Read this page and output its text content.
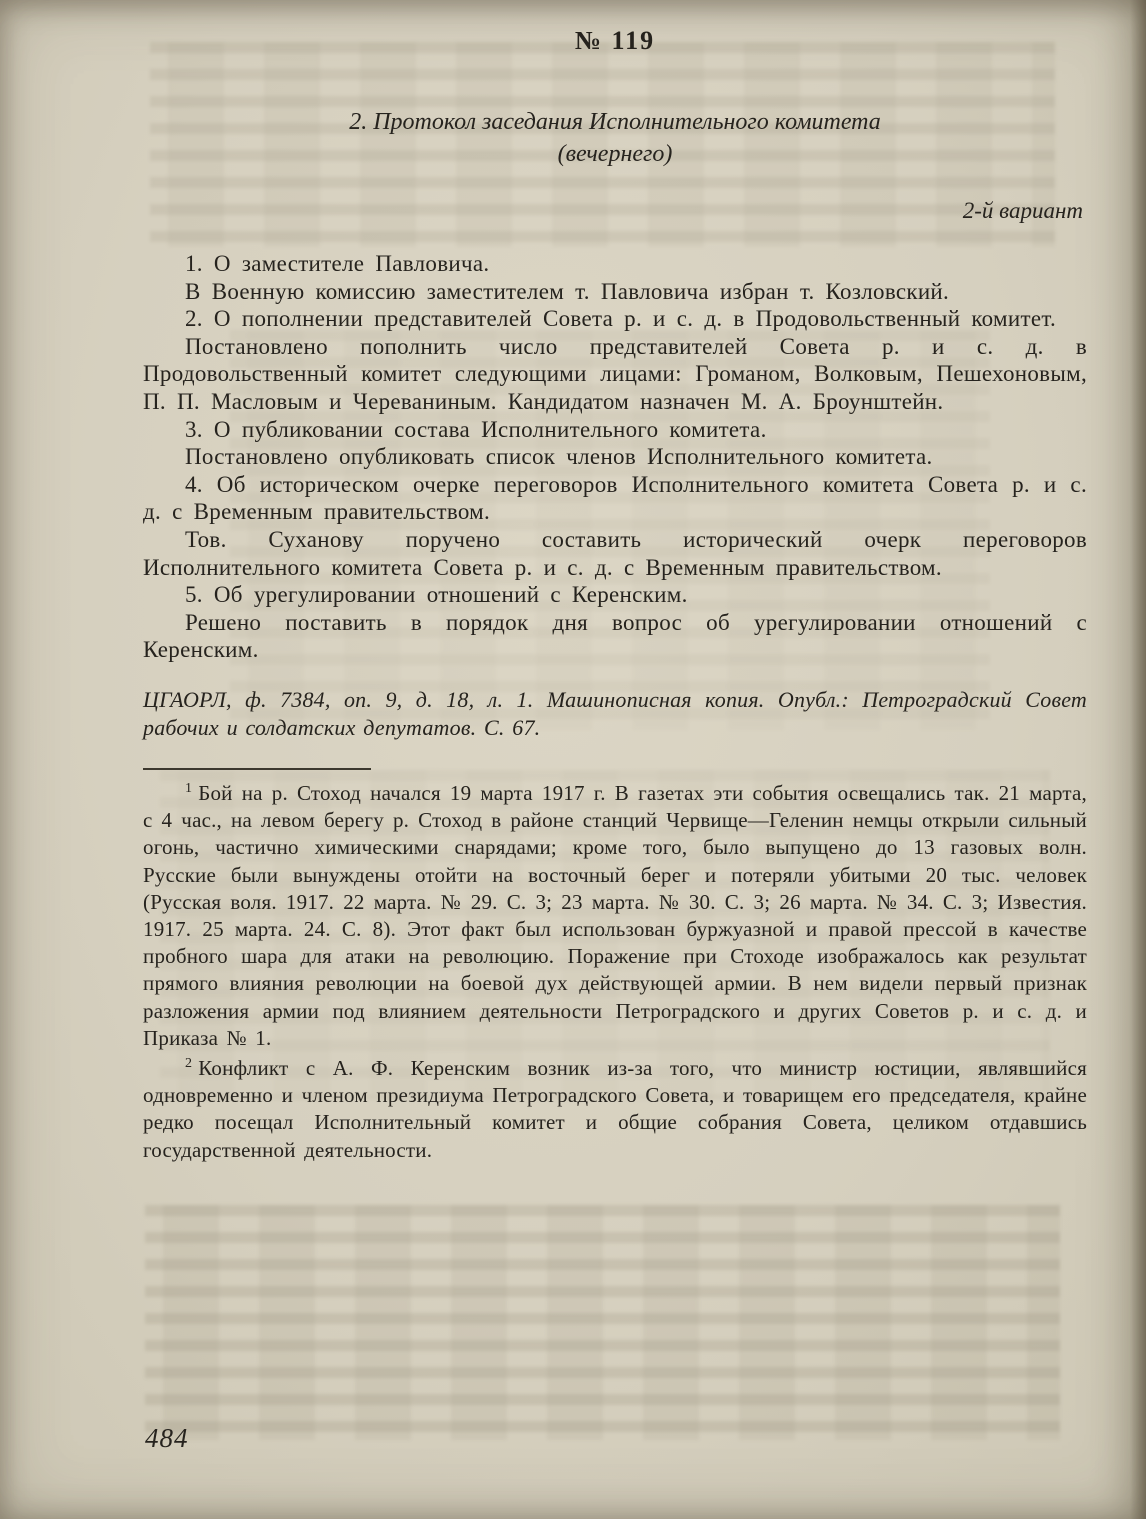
№ 119

2. Протокол заседания Исполнительного комитета

(вечернего)

2-й вариант

1. О заместителе Павловича.

В Военную комиссию заместителем т. Павловича избран т. Козловский.

2. О пополнении представителей Совета р. и с. д. в Продовольственный комитет.

Постановлено пополнить число представителей Совета р. и с. д. в Продовольственный комитет следующими лицами: Громаном, Волковым, Пешехоновым, П. П. Масловым и Череваниным. Кандидатом назначен М. А. Броунштейн.

3. О публиковании состава Исполнительного комитета.

Постановлено опубликовать список членов Исполнительного комитета.

4. Об историческом очерке переговоров Исполнительного комитета Совета р. и с. д. с Временным правительством.

Тов. Суханову поручено составить исторический очерк переговоров Исполнительного комитета Совета р. и с. д. с Временным правительством.

5. Об урегулировании отношений с Керенским.

Решено поставить в порядок дня вопрос об урегулировании отношений с Керенским.

ЦГАОРЛ, ф. 7384, оп. 9, д. 18, л. 1. Машинописная копия. Опубл.: Петроградский Совет рабочих и солдатских депутатов. С. 67.

$^1$ Бой на р. Стоход начался 19 марта 1917 г. В газетах эти события освещались так. 21 марта, с 4 час., на левом берегу р. Стоход в районе станций Червище—Геленин немцы открыли сильный огонь, частично химическими снарядами; кроме того, было выпущено до 13 газовых волн. Русские были вынуждены отойти на восточный берег и потеряли убитыми 20 тыс. человек (Русская воля. 1917. 22 марта. № 29. С. 3; 23 марта. № 30. С. 3; 26 марта. № 34. С. 3; Известия. 1917. 25 марта. 24. С. 8). Этот факт был использован буржуазной и правой прессой в качестве пробного шара для атаки на революцию. Поражение при Стоходе изображалось как результат прямого влияния революции на боевой дух действующей армии. В нем видели первый признак разложения армии под влиянием деятельности Петроградского и других Советов р. и с. д. и Приказа № 1.

$^2$ Конфликт с А. Ф. Керенским возник из-за того, что министр юстиции, являвшийся одновременно и членом президиума Петроградского Совета, и товарищем его председателя, крайне редко посещал Исполнительный комитет и общие собрания Совета, целиком отдавшись государственной деятельности.

484
